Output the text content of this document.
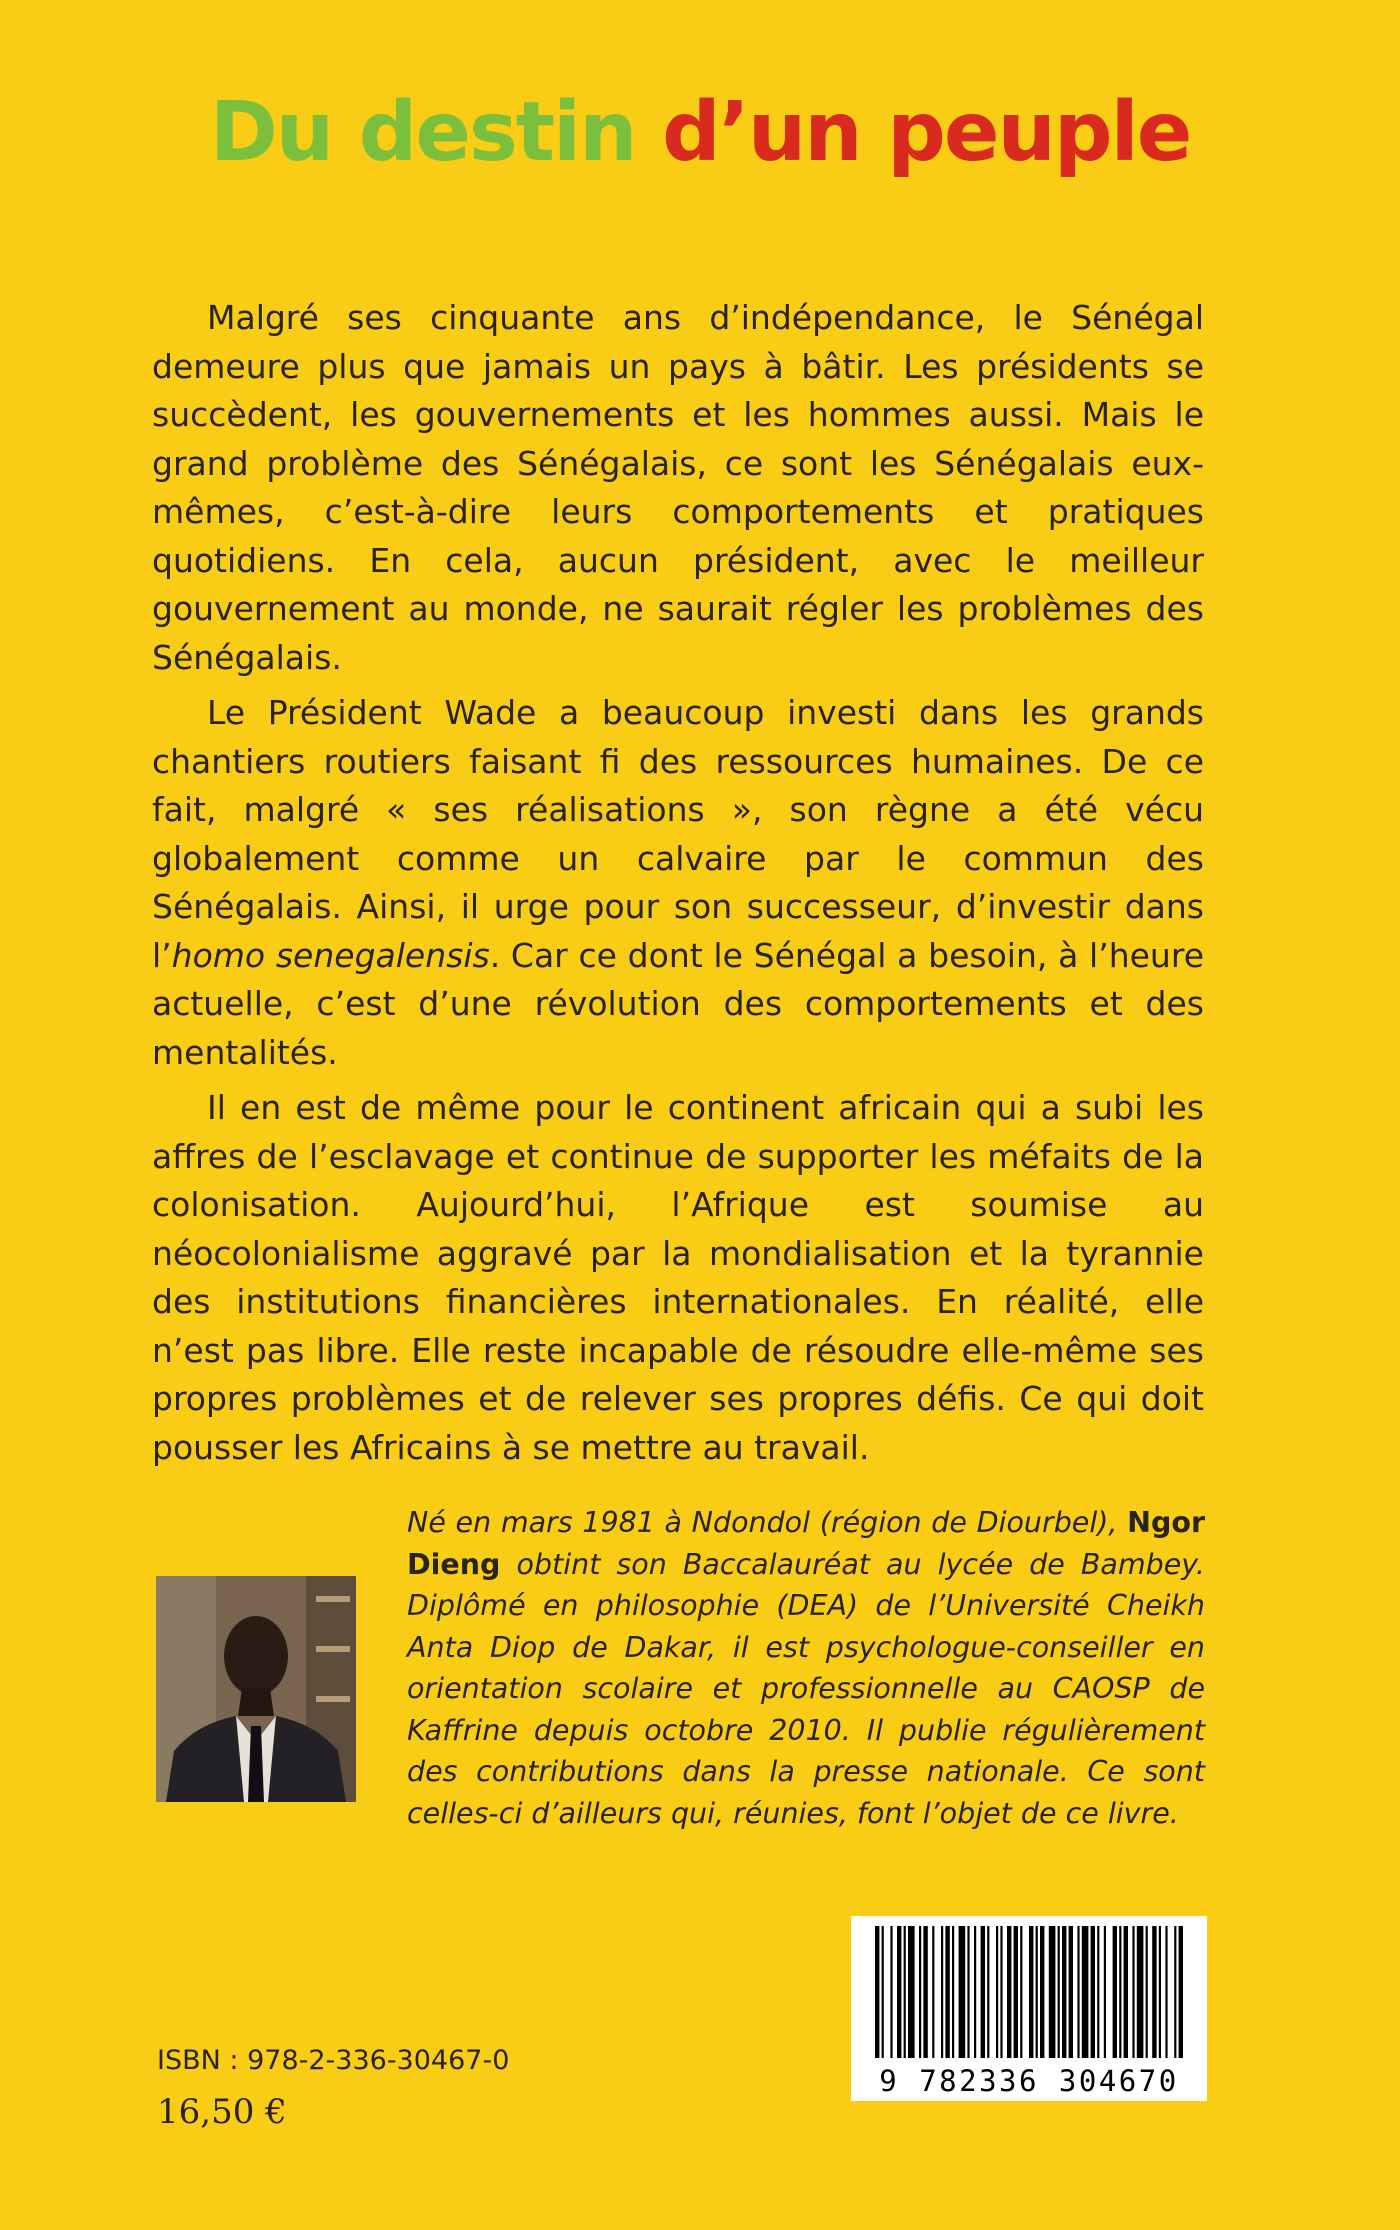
Du destin d’un peuple

Malgré ses cinquante ans d’indépendance, le Sénégal demeure plus que jamais un pays à bâtir. Les présidents se succèdent, les gouvernements et les hommes aussi. Mais le grand problème des Sénégalais, ce sont les Sénégalais eux-mêmes, c’est-à-dire leurs comportements et pratiques quotidiens. En cela, aucun président, avec le meilleur gouvernement au monde, ne saurait régler les problèmes des Sénégalais.

Le Président Wade a beaucoup investi dans les grands chantiers routiers faisant fi des ressources humaines. De ce fait, malgré « ses réalisations », son règne a été vécu globalement comme un calvaire par le commun des Sénégalais. Ainsi, il urge pour son successeur, d’investir dans l’homo senegalensis. Car ce dont le Sénégal a besoin, à l’heure actuelle, c’est d’une révolution des comportements et des mentalités.

Il en est de même pour le continent africain qui a subi les affres de l’esclavage et continue de supporter les méfaits de la colonisation. Aujourd’hui, l’Afrique est soumise au néocolonialisme aggravé par la mondialisation et la tyrannie des institutions financières internationales. En réalité, elle n’est pas libre. Elle reste incapable de résoudre elle-même ses propres problèmes et de relever ses propres défis. Ce qui doit pousser les Africains à se mettre au travail.

Né en mars 1981 à Ndondol (région de Diourbel), Ngor Dieng obtint son Baccalauréat au lycée de Bambey. Diplômé en philosophie (DEA) de l’Université Cheikh Anta Diop de Dakar, il est psychologue-conseiller en orientation scolaire et professionnelle au CAOSP de Kaffrine depuis octobre 2010. Il publie régulièrement des contributions dans la presse nationale. Ce sont celles-ci d’ailleurs qui, réunies, font l’objet de ce livre.
9 782336 304670
ISBN : 978-2-336-30467-0
16,50 €
